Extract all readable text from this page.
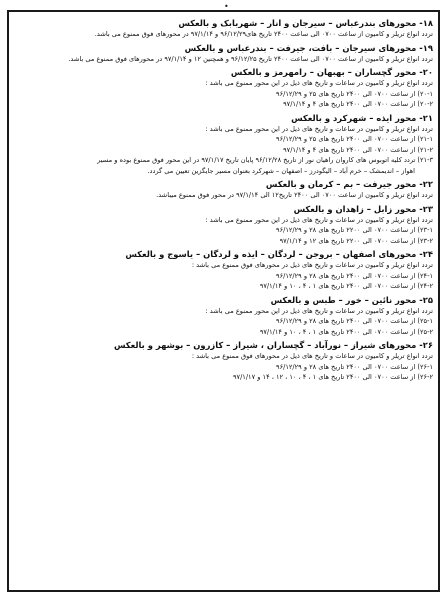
•
۱۸- محورهای بندرعباس – سیرجان و انار – شهربابک و بالعکس
تردد انواع تریلر و کامیون از ساعت ۰۷۰۰ الی ساعت ۲۴۰۰ تاریخ های۹۶/۱۲/۲۹ و ۹۷/۱/۱۴ در محورهای فوق ممنوع می باشد.
۱۹- محورهای سیرجان – بافت، جیرفت – بندرعباس و بالعکس
تردد انواع تریلر و کامیون از ساعت ۰۷۰۰ الی ساعت ۲۴۰۰ تاریخ ۹۶/۱۲/۲۵ و همچنین ۱۲ و ۹۷/۱/۱۴ در محورهای فوق ممنوع می باشد.
۲۰- محور گچساران – بهبهان – رامهرمز و بالعکس
تردد انواع تریلر و کامیون در ساعات و تاریخ های ذیل در این محور ممنوع می باشد :
۲۰-۱) از ساعت ۰۷۰۰ الی ۲۴۰۰ تاریخ های ۲۵ و ۹۶/۱۲/۲۹
۲۰-۲) از ساعت ۰۷۰۰ الی ۲۴۰۰ تاریخ های ۴ و ۹۷/۱/۱۴
۲۱- محور ایذه – شهرکرد و بالعکس
تردد انواع تریلر و کامیون در ساعات و تاریخ های ذیل در این محور ممنوع می باشد :
۲۱-۱) از ساعت ۰۷۰۰ الی ۲۴۰۰ تاریخ های ۲۵ و ۹۶/۱۲/۲۹
۲۱-۲) از ساعت ۰۷۰۰ الی ۲۴۰۰ تاریخ های ۴ و ۹۷/۱/۱۴
۲۱-۳) تردد کلیه اتوبوس های کاروان راهیان نور از تاریخ ۹۶/۱۲/۲۸ پایان تاریخ ۹۷/۱/۱۷ در این محور فوق ممنوع بوده و مسیر
اهواز – اندیمشک – خرم آباد – الیگودرز – اصفهان – شهرکرد بعنوان مسیر جایگزین تعیین می گردد.
۲۲- محور جیرفت – بم – کرمان و بالعکس
تردد انواع تریلر و کامیون از ساعت ۰۷۰۰ الی ۲۴۰۰ تاریخ۱۲ الی ۹۷/۱/۱۴ در محور فوق ممنوع میباشد.
۲۳- محور زابل – زاهدان و بالعکس
تردد انواع تریلر و کامیون در ساعات و تاریخ های ذیل در این محور ممنوع می باشد :
۲۳-۱) از ساعت ۰۷۰۰ الی ۲۲۰۰ تاریخ های ۲۸ و ۹۶/۱۲/۲۹
۲۳-۲) از ساعت ۰۷۰۰ الی ۲۲۰۰ تاریخ های ۱۲ و ۹۷/۱/۱۴
۲۴- محورهای اصفهان – بروجن – لردگان – ایذه و لردگان – یاسوج و بالعکس
تردد انواع تریلر و کامیون در ساعات و تاریخ های ذیل در محورهای فوق ممنوع می باشد :
۲۴-۱) از ساعت ۰۷۰۰ الی ۲۴۰۰ تاریخ های ۲۸ و ۹۶/۱۲/۲۹
۲۴-۲) از ساعت ۰۷۰۰ الی ۲۴۰۰ تاریخ های ۱ ، ۴ ، ۱۰ و ۹۷/۱/۱۴
۲۵- محور نائین – خور – طبس و بالعکس
تردد انواع تریلر و کامیون در ساعات و تاریخ های ذیل در این محور ممنوع می باشد :
۲۵-۱) از ساعت ۰۷۰۰ الی ۲۴۰۰ تاریخ های ۲۸ و ۹۶/۱۲/۲۹
۲۵-۲) از ساعت ۰۷۰۰ الی ۲۴۰۰ تاریخ های ۱ ، ۴ ، ۱۰ و ۹۷/۱/۱۴
۲۶- محورهای شیراز – نورآباد – گچساران ، شیراز – کازرون – بوشهر و بالعکس
تردد انواع تریلر و کامیون در ساعات و تاریخ های ذیل در محورهای فوق ممنوع می باشد :
۲۶-۱) از ساعت ۰۷۰۰ الی ۲۴۰۰ تاریخ های ۲۸ و ۹۶/۱۲/۲۹
۲۶-۲) از ساعت ۰۷۰۰ الی ۲۴۰۰ تاریخ های ۱ ، ۴ ، ۱۰ ، ۱۲ ، ۱۴ و ۹۷/۱/۱۷
